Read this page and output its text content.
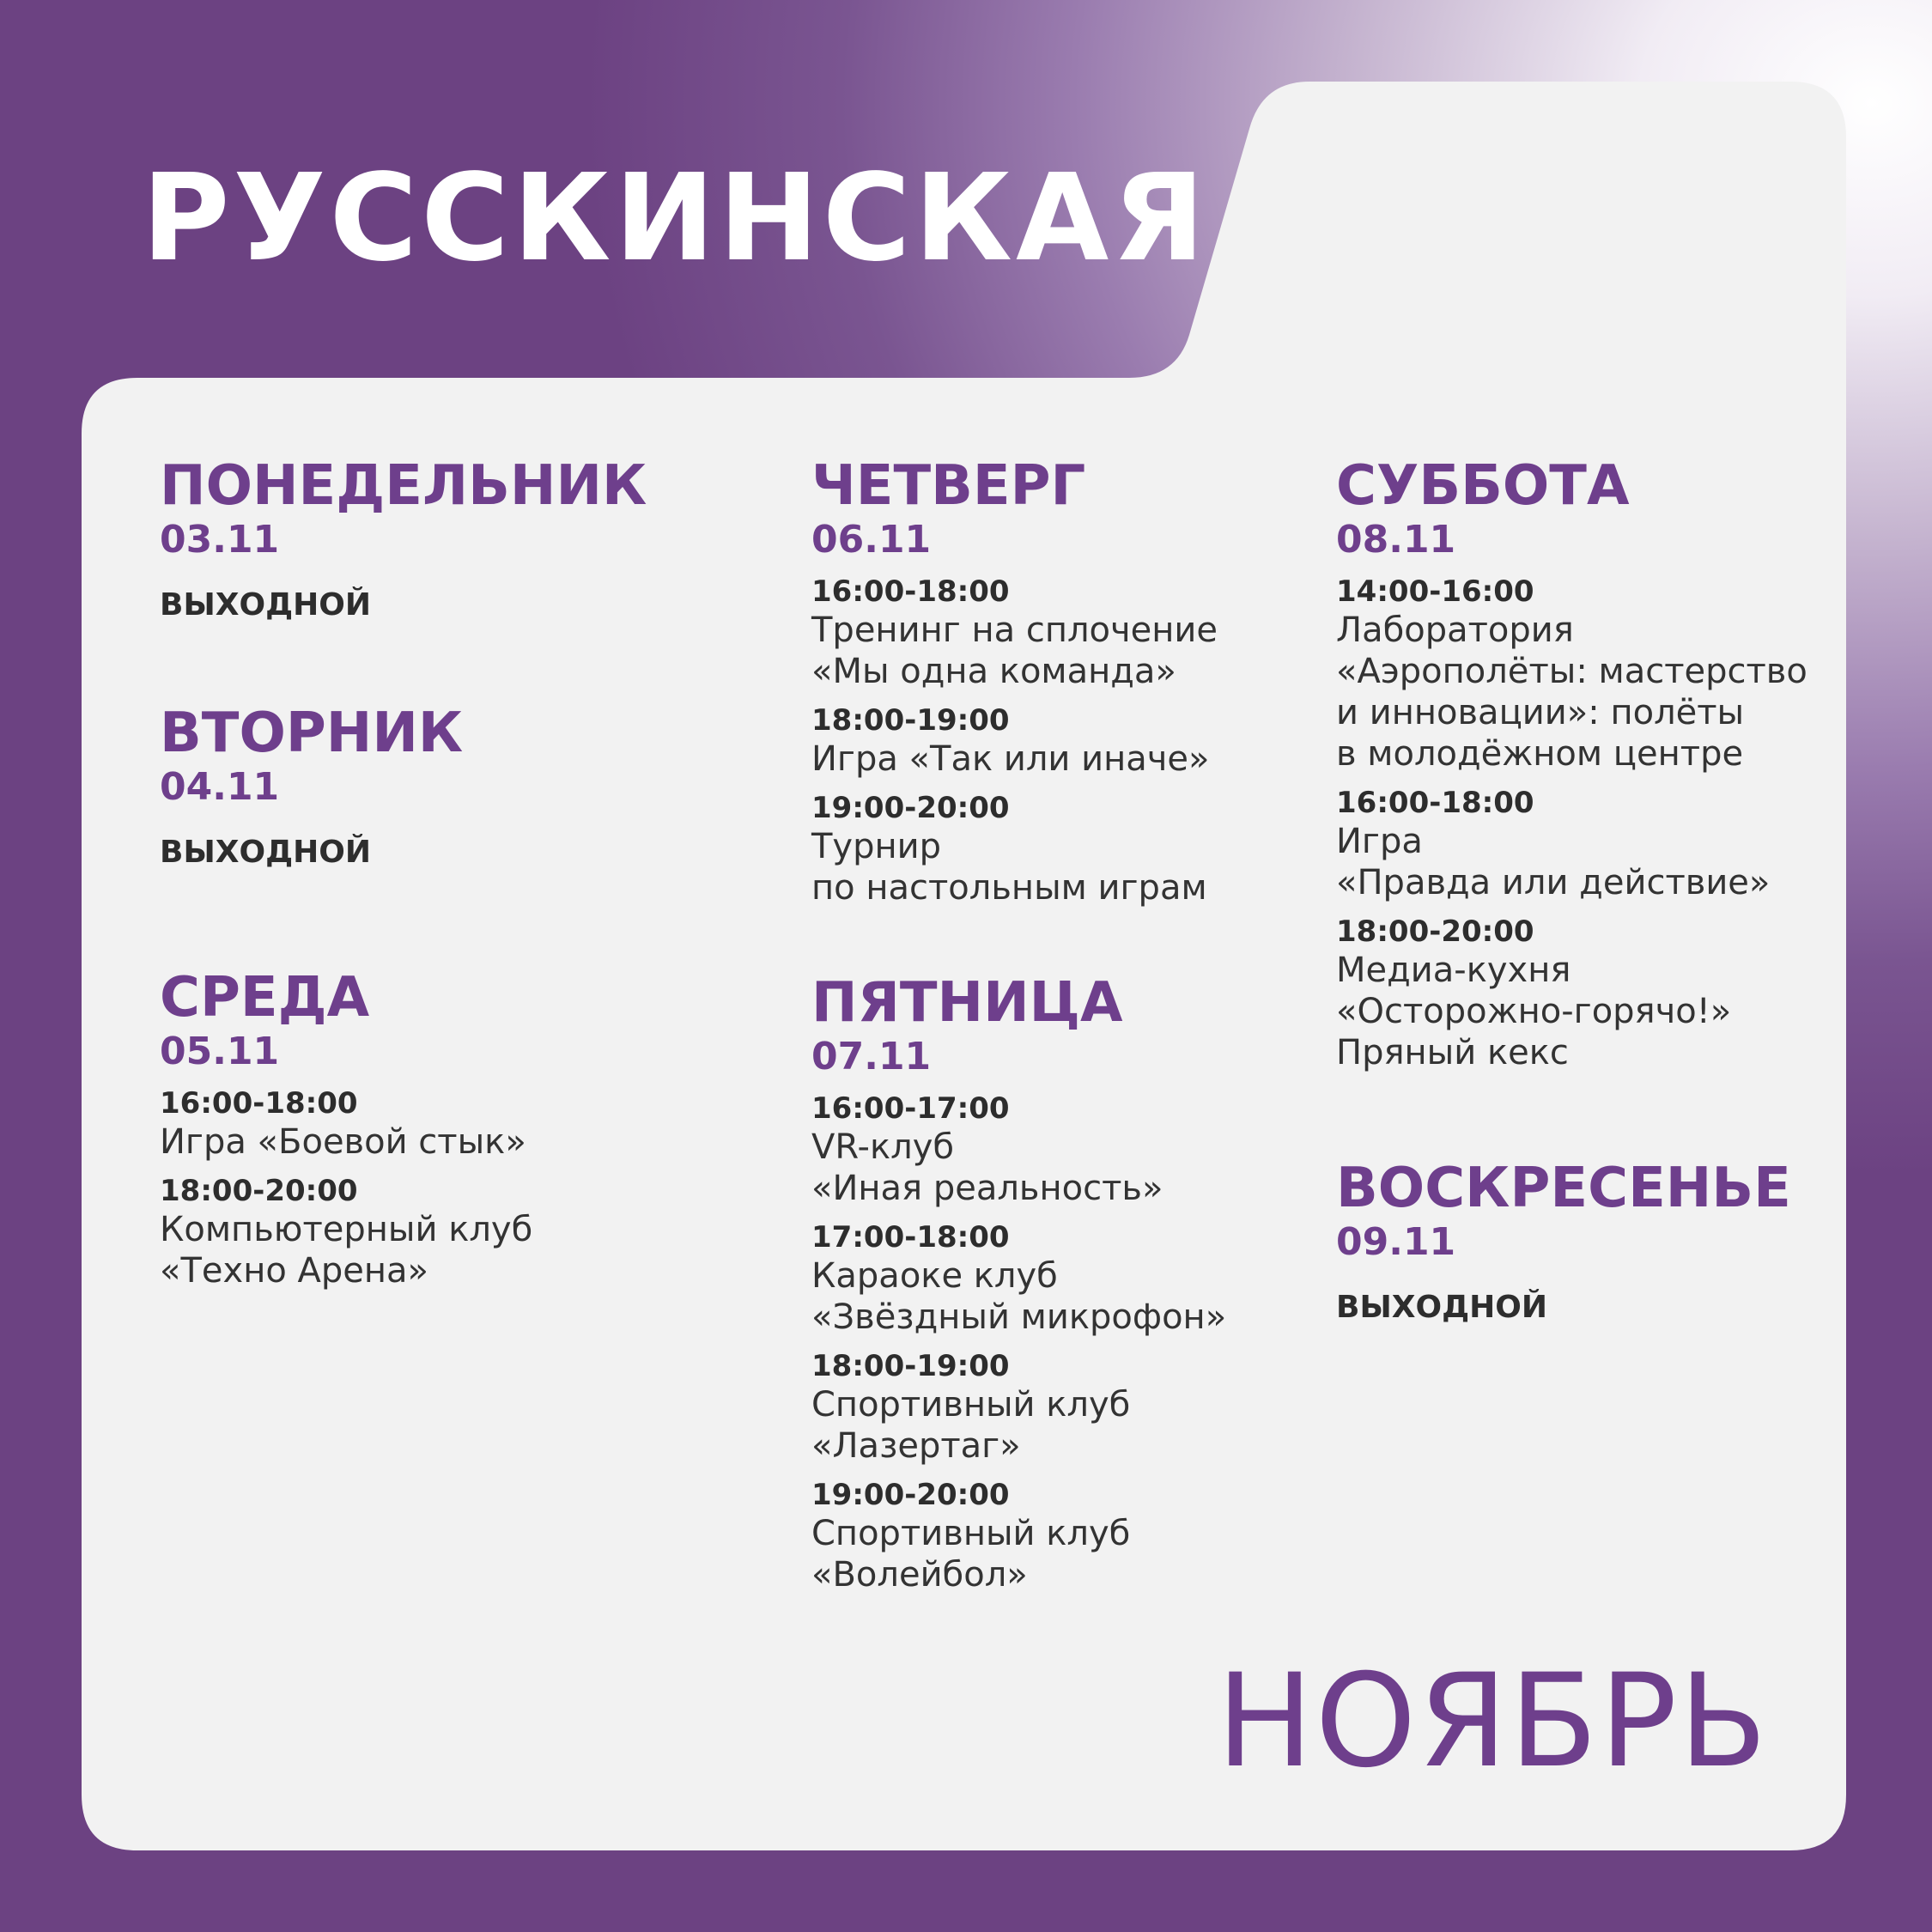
РУССКИНСКАЯ
ПОНЕДЕЛЬНИК
03.11
ВЫХОДНОЙ
ВТОРНИК
04.11
ВЫХОДНОЙ
СРЕДА
05.11
16:00-18:00
Игра «Боевой стык»
18:00-20:00
Компьютерный клуб
«Техно Арена»
ЧЕТВЕРГ
06.11
16:00-18:00
Тренинг на сплочение
«Мы одна команда»
18:00-19:00
Игра «Так или иначе»
19:00-20:00
Турнир
по настольным играм
ПЯТНИЦА
07.11
16:00-17:00
VR-клуб
«Иная реальность»
17:00-18:00
Караоке клуб
«Звёздный микрофон»
18:00-19:00
Спортивный клуб
«Лазертаг»
19:00-20:00
Спортивный клуб
«Волейбол»
СУББОТА
08.11
14:00-16:00
Лаборатория
«Аэрополёты: мастерство
и инновации»: полёты
в молодёжном центре
16:00-18:00
Игра
«Правда или действие»
18:00-20:00
Медиа-кухня
«Осторожно-горячо!»
Пряный кекс
ВОСКРЕСЕНЬЕ
09.11
ВЫХОДНОЙ
НОЯБРЬ
